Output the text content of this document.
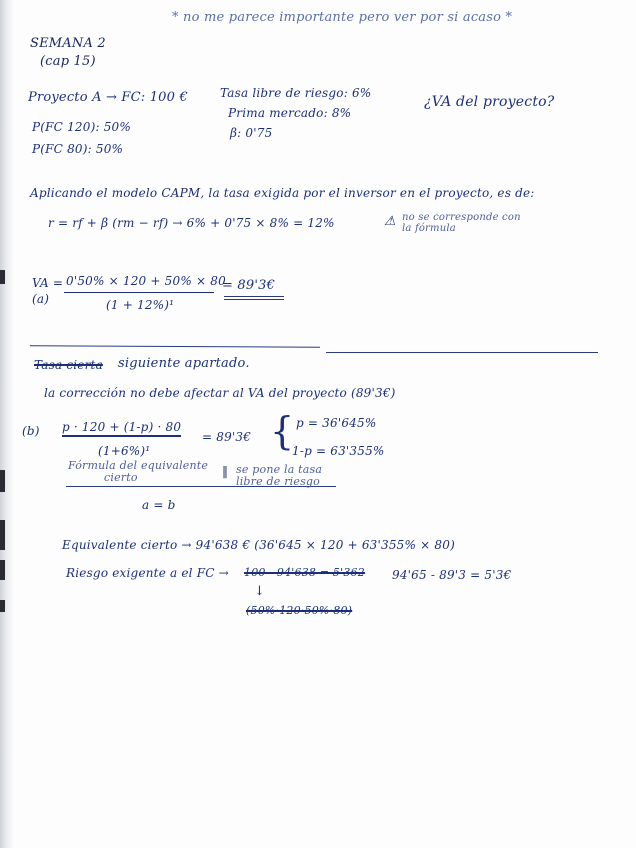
* no me parece importante pero ver por si acaso *
SEMANA 2
(cap 15)
Proyecto A → FC: 100 €
P(FC 120): 50%
P(FC 80): 50%
Tasa libre de riesgo: 6%
Prima mercado: 8%
β: 0'75
¿VA del proyecto?
Aplicando el modelo CAPM, la tasa exigida por el inversor en el proyecto, es de:
r = rf + β (rm − rf) → 6% + 0'75 × 8% = 12%	⚠ no se corresponde con
la fórmula
VA =
(a)
0'50% × 120 + 50% × 80
(1 + 12%)¹
= 89'3€
Tasa cierta siguiente apartado.
la corrección no debe afectar al VA del proyecto (89'3€)
(b) p · 120 + (1-p) · 80
(1+6%)¹
= 89'3€ { p = 36'645%
1-p = 63'355%
Fórmula del equivalente
cierto	‖ se pone la tasa
libre de riesgo
a = b
Equivalente cierto → 94'638 € (36'645 × 120 + 63'355% × 80)
Riesgo exigente a el FC → 100 - 94'638 = 5'362 94'65 - 89'3 = 5'3€
↓
(50%·120·50%·80)
